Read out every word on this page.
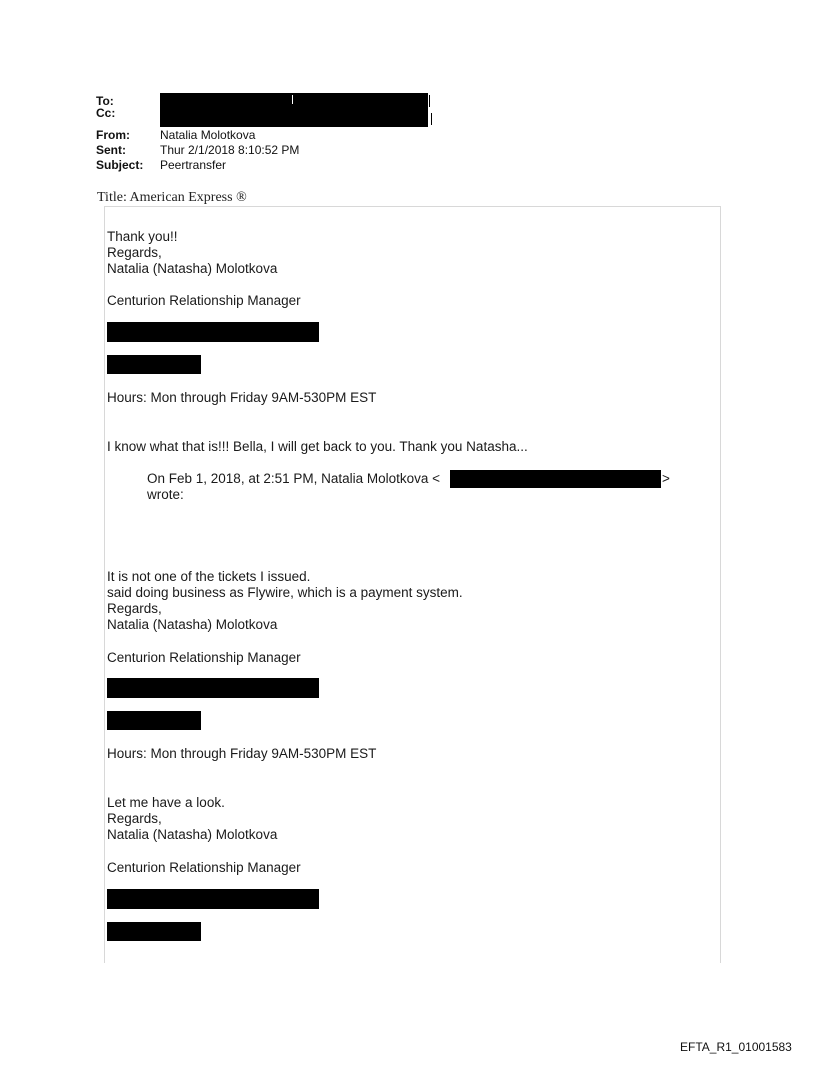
To:
Cc:
From:	Natalia Molotkova
Sent:	Thur 2/1/2018 8:10:52 PM
Subject: Peertransfer
Title: American Express ®
Thank you!!
Regards,
Natalia (Natasha) Molotkova
Centurion Relationship Manager
Hours: Mon through Friday 9AM-530PM EST
I know what that is!!! Bella, I will get back to you. Thank you Natasha...
On Feb 1, 2018, at 2:51 PM, Natalia Molotkova <	>
wrote:
It is not one of the tickets I issued.
said doing business as Flywire, which is a payment system.
Regards,
Natalia (Natasha) Molotkova
Centurion Relationship Manager
Hours: Mon through Friday 9AM-530PM EST
Let me have a look.
Regards,
Natalia (Natasha) Molotkova
Centurion Relationship Manager
EFTA_R1_01001583
